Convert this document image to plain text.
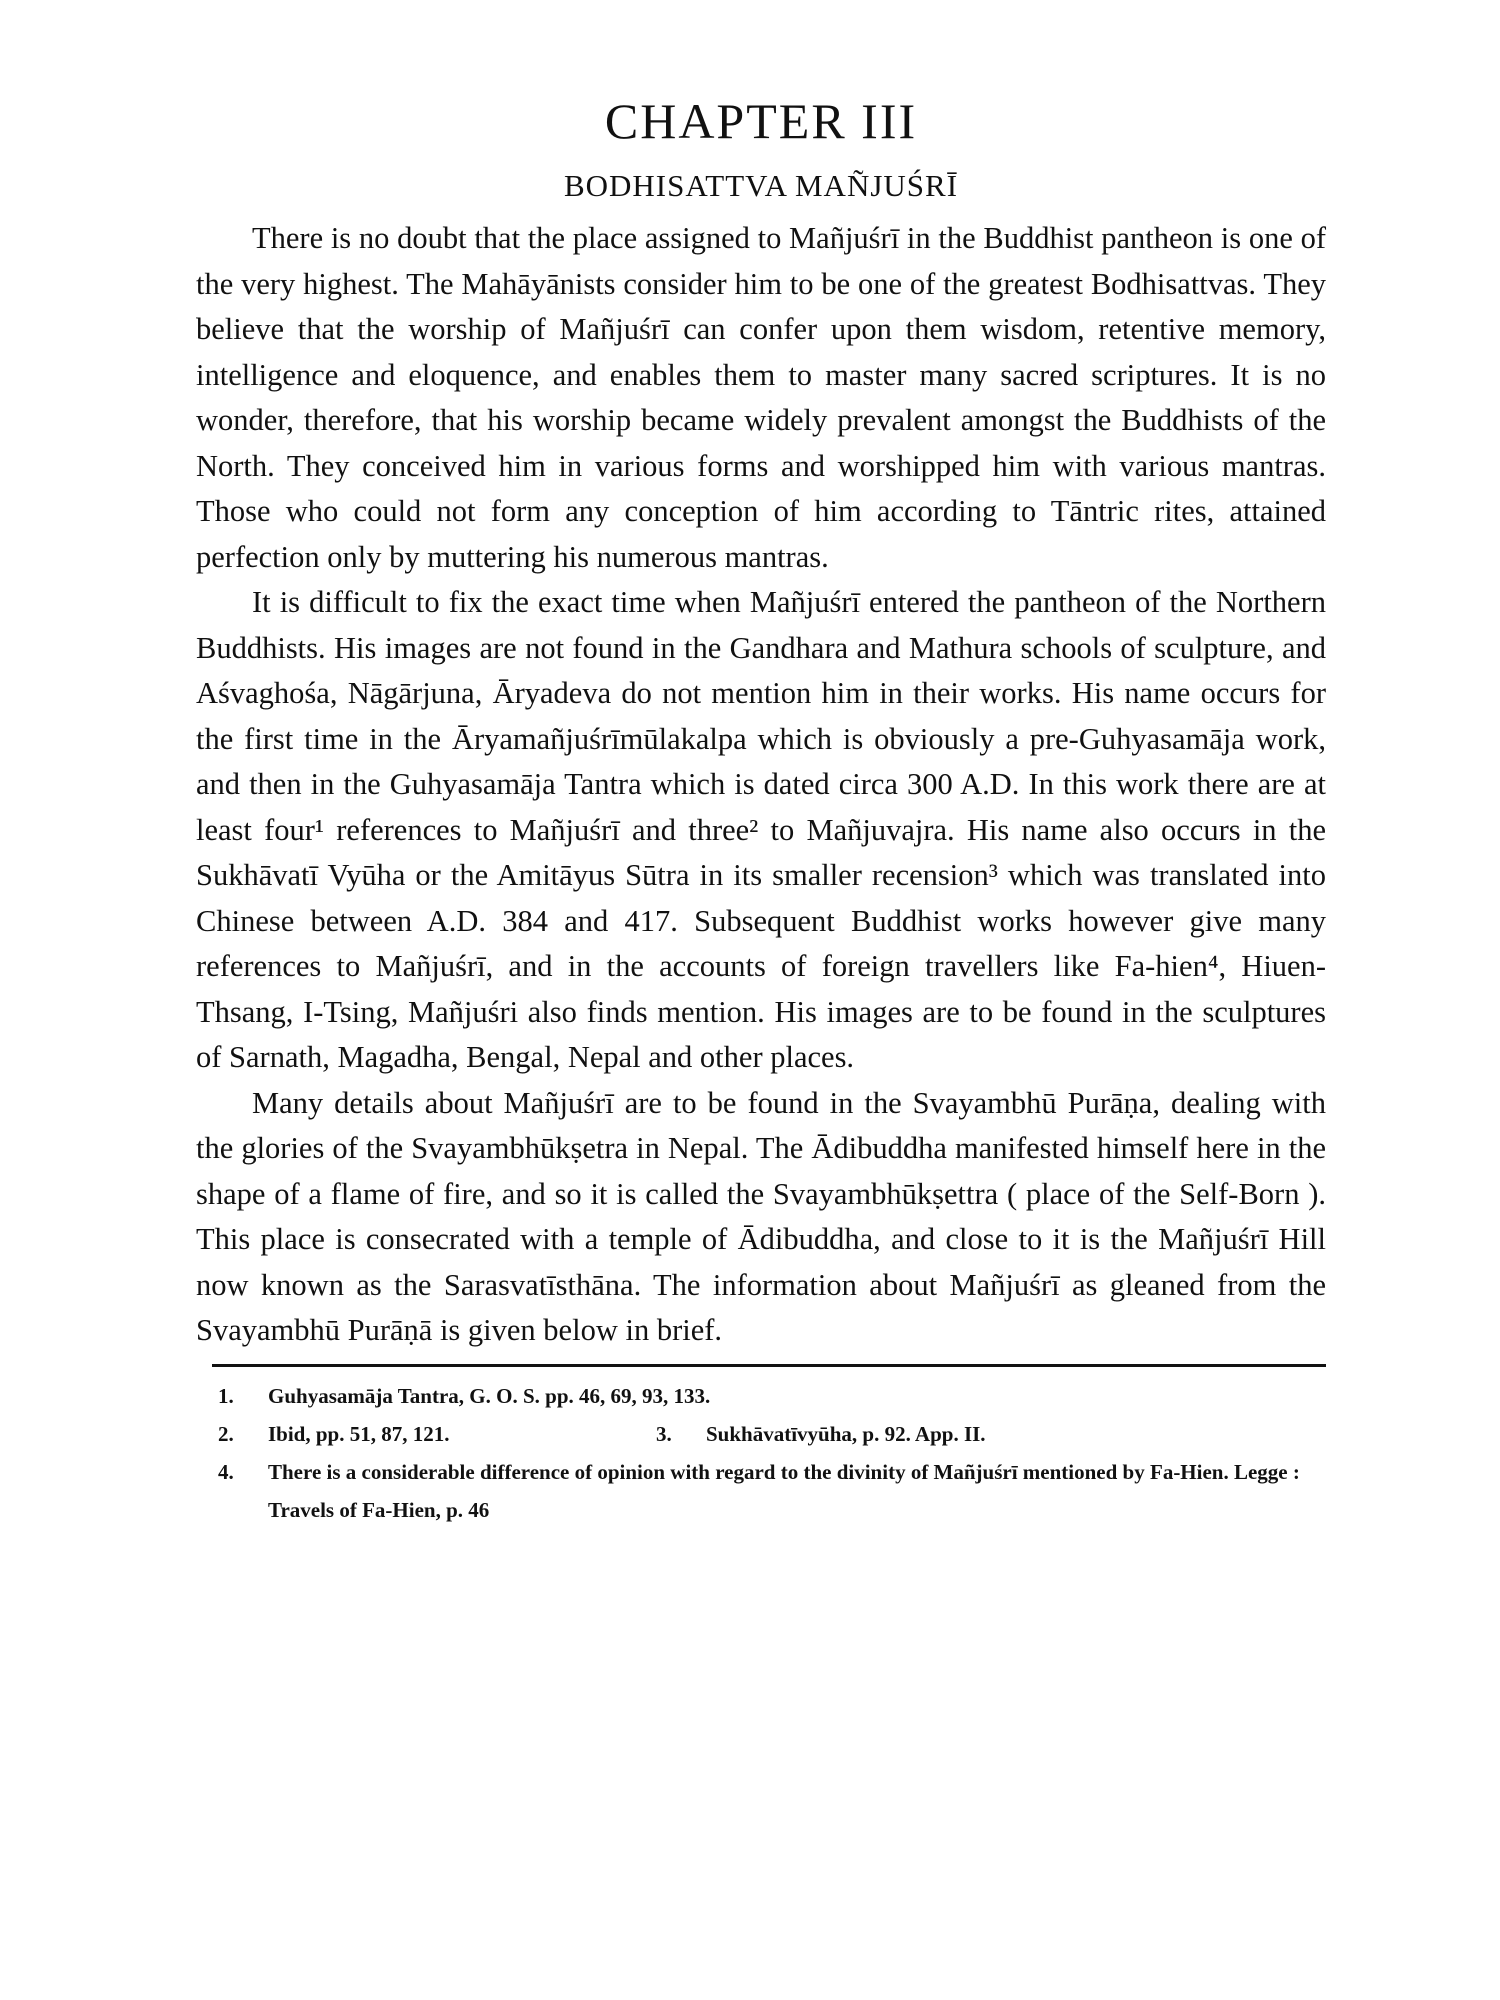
CHAPTER III
BODHISATTVA MAÑJUŚRĪ

There is no doubt that the place assigned to Mañjuśrī in the Buddhist pantheon is one of the very highest. The Mahāyānists consider him to be one of the greatest Bodhisattvas. They believe that the worship of Mañjuśrī can confer upon them wisdom, retentive memory, intelligence and eloquence, and enables them to master many sacred scriptures. It is no wonder, therefore, that his worship became widely prevalent amongst the Buddhists of the North. They conceived him in various forms and worshipped him with various mantras. Those who could not form any conception of him according to Tāntric rites, attained perfection only by muttering his numerous mantras.

It is difficult to fix the exact time when Mañjuśrī entered the pantheon of the Northern Buddhists. His images are not found in the Gandhara and Mathura schools of sculpture, and Aśvaghośa, Nāgārjuna, Āryadeva do not mention him in their works. His name occurs for the first time in the Āryamañjuśrīmūlakalpa which is obviously a pre-Guhyasamāja work, and then in the Guhyasamāja Tantra which is dated circa 300 A.D. In this work there are at least four¹ references to Mañjuśrī and three² to Mañjuvajra. His name also occurs in the Sukhāvatī Vyūha or the Amitāyus Sūtra in its smaller recension³ which was translated into Chinese between A.D. 384 and 417. Subsequent Buddhist works however give many references to Mañjuśrī, and in the accounts of foreign travellers like Fa-hien⁴, Hiuen-Thsang, I-Tsing, Mañjuśri also finds mention. His images are to be found in the sculptures of Sarnath, Magadha, Bengal, Nepal and other places.

Many details about Mañjuśrī are to be found in the Svayambhū Purāṇa, dealing with the glories of the Svayambhūkṣetra in Nepal. The Ādibuddha manifested himself here in the shape of a flame of fire, and so it is called the Svayambhūkṣettra ( place of the Self-Born ). This place is consecrated with a temple of Ādibuddha, and close to it is the Mañjuśrī Hill now known as the Sarasvatīsthāna. The information about Mañjuśrī as gleaned from the Svayambhū Purāṇā is given below in brief.

1.	Guhyasamāja Tantra, G. O. S. pp. 46, 69, 93, 133.
2.	Ibid, pp. 51, 87, 121.	3.	Sukhāvatīvyūha, p. 92. App. II.
4.	There is a considerable difference of opinion with regard to the divinity of Mañjuśrī mentioned by Fa-Hien. Legge : Travels of Fa-Hien, p. 46
